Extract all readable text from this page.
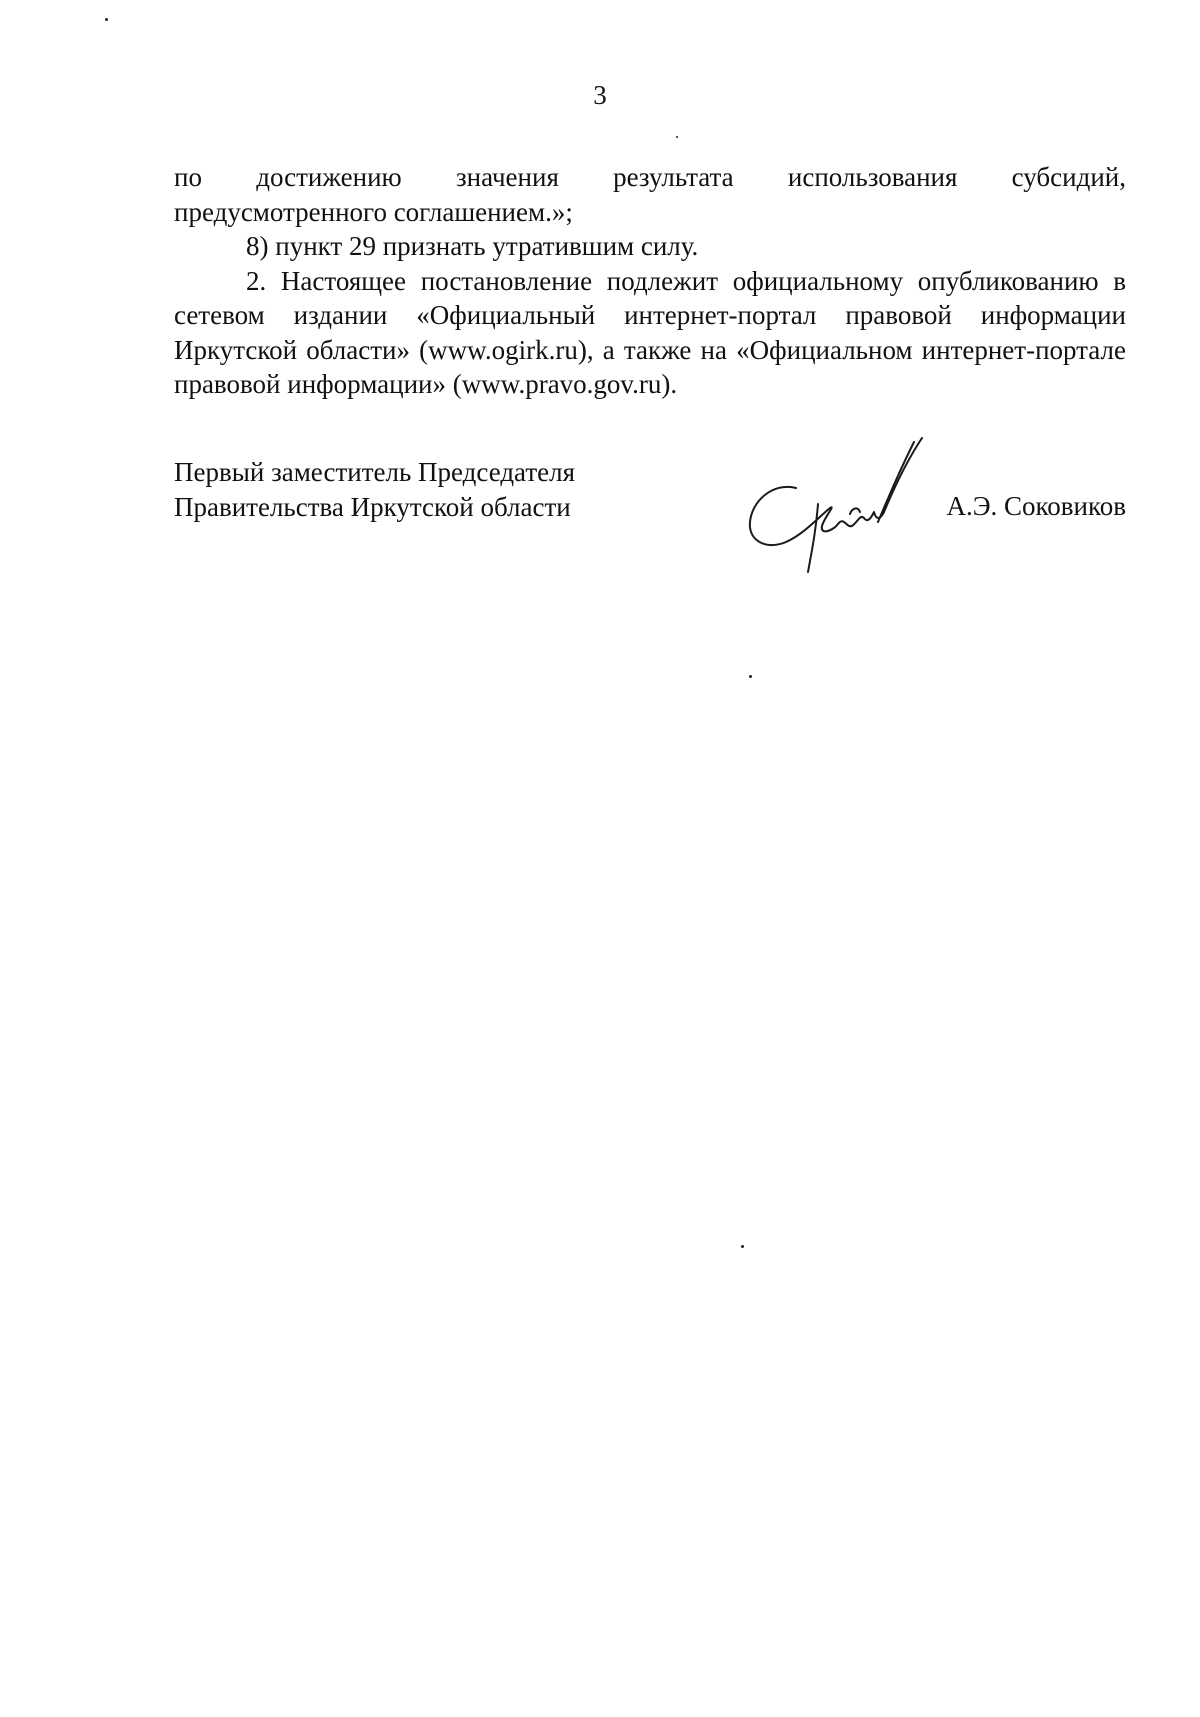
3

по достижению значения результата использования субсидий,

предусмотренного соглашением.»;

8) пункт 29 признать утратившим силу.

2. Настоящее постановление подлежит официальному опубликованию в сетевом издании «Официальный интернет-портал правовой информации Иркутской области» (www.ogirk.ru), а также на «Официальном интернет-портале правовой информации» (www.pravo.gov.ru).

Первый заместитель Председателя
Правительства Иркутской области	А.Э. Соковиков
